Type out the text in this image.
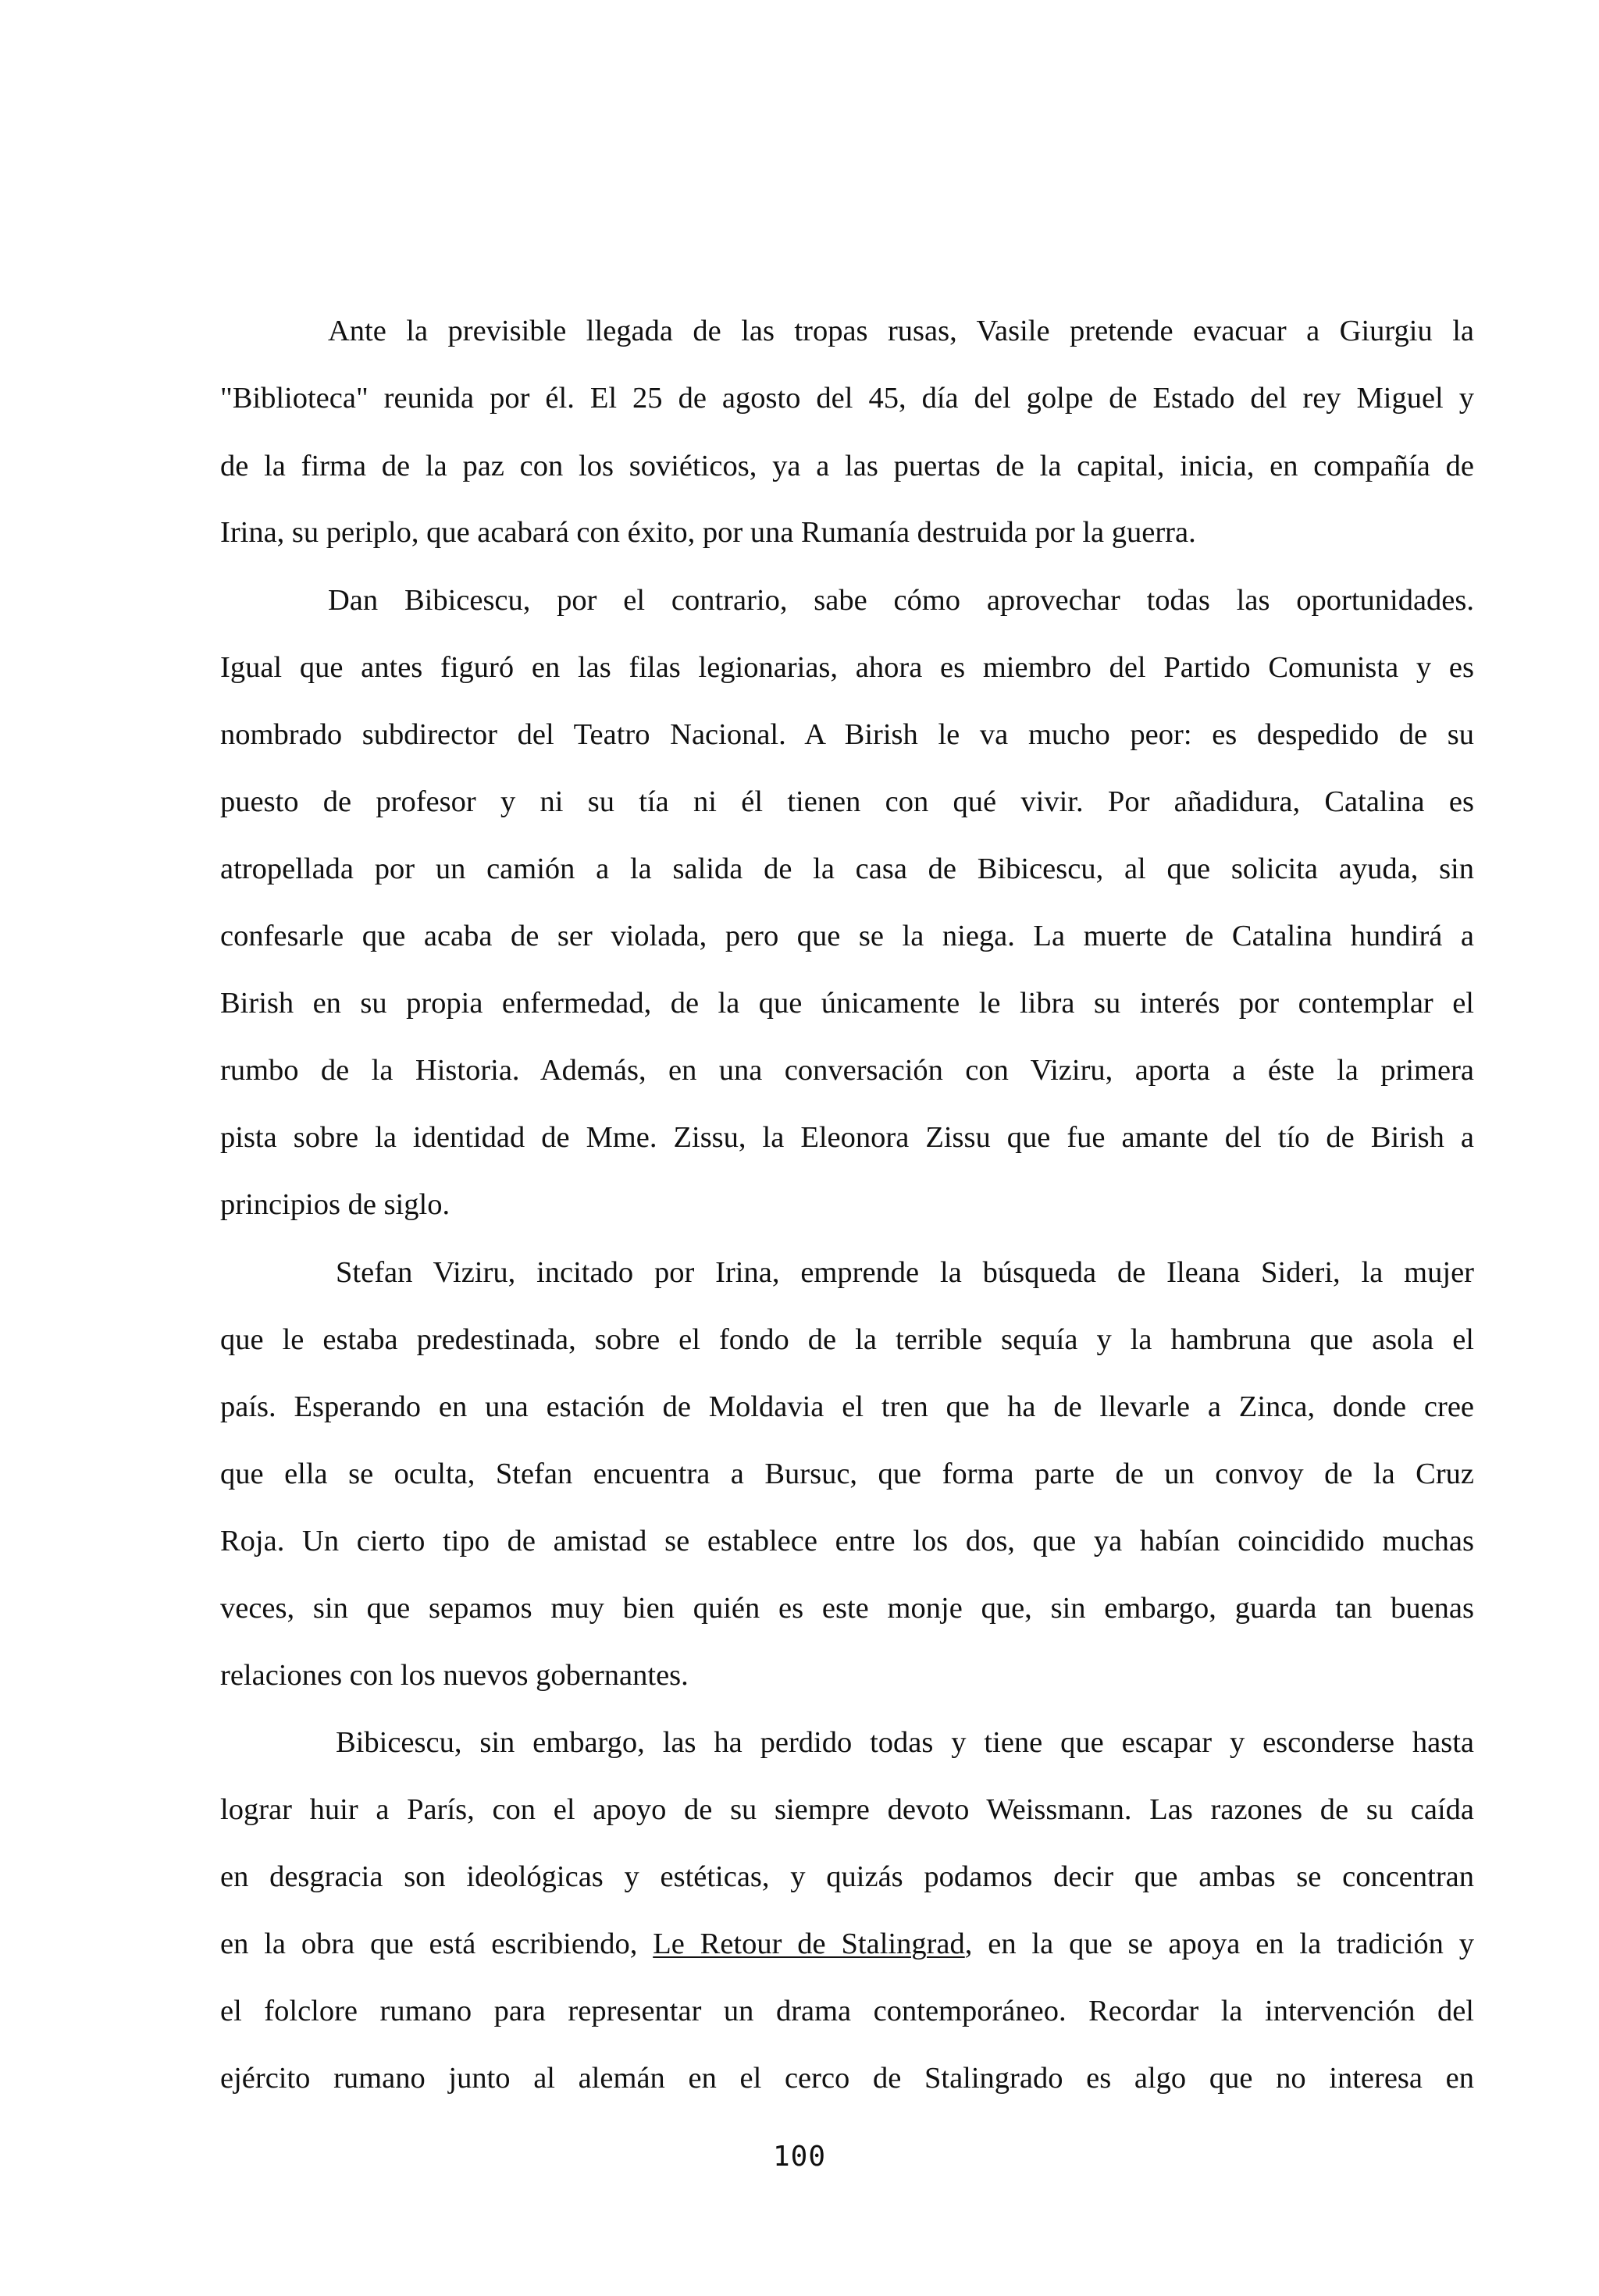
Ante la previsible llegada de las tropas rusas, Vasile pretende evacuar a Giurgiu la
"Biblioteca" reunida por él. El 25 de agosto del 45, día del golpe de Estado del rey Miguel y
de la firma de la paz con los soviéticos, ya a las puertas de la capital, inicia, en compañía de
Irina, su periplo, que acabará con éxito, por una Rumanía destruida por la guerra.
Dan Bibicescu, por el contrario, sabe cómo aprovechar todas las oportunidades.
Igual que antes figuró en las filas legionarias, ahora es miembro del Partido Comunista y es
nombrado subdirector del Teatro Nacional. A Birish le va mucho peor: es despedido de su
puesto de profesor y ni su tía ni él tienen con qué vivir. Por añadidura, Catalina es
atropellada por un camión a la salida de la casa de Bibicescu, al que solicita ayuda, sin
confesarle que acaba de ser violada, pero que se la niega. La muerte de Catalina hundirá a
Birish en su propia enfermedad, de la que únicamente le libra su interés por contemplar el
rumbo de la Historia. Además, en una conversación con Viziru, aporta a éste la primera
pista sobre la identidad de Mme. Zissu, la Eleonora Zissu que fue amante del tío de Birish a
principios de siglo.
Stefan Viziru, incitado por Irina, emprende la búsqueda de Ileana Sideri, la mujer
que le estaba predestinada, sobre el fondo de la terrible sequía y la hambruna que asola el
país. Esperando en una estación de Moldavia el tren que ha de llevarle a Zinca, donde cree
que ella se oculta, Stefan encuentra a Bursuc, que forma parte de un convoy de la Cruz
Roja. Un cierto tipo de amistad se establece entre los dos, que ya habían coincidido muchas
veces, sin que sepamos muy bien quién es este monje que, sin embargo, guarda tan buenas
relaciones con los nuevos gobernantes.
Bibicescu, sin embargo, las ha perdido todas y tiene que escapar y esconderse hasta
lograr huir a París, con el apoyo de su siempre devoto Weissmann. Las razones de su caída
en desgracia son ideológicas y estéticas, y quizás podamos decir que ambas se concentran
en la obra que está escribiendo, Le Retour de Stalingrad, en la que se apoya en la tradición y
el folclore rumano para representar un drama contemporáneo. Recordar la intervención del
ejército rumano junto al alemán en el cerco de Stalingrado es algo que no interesa en
100
